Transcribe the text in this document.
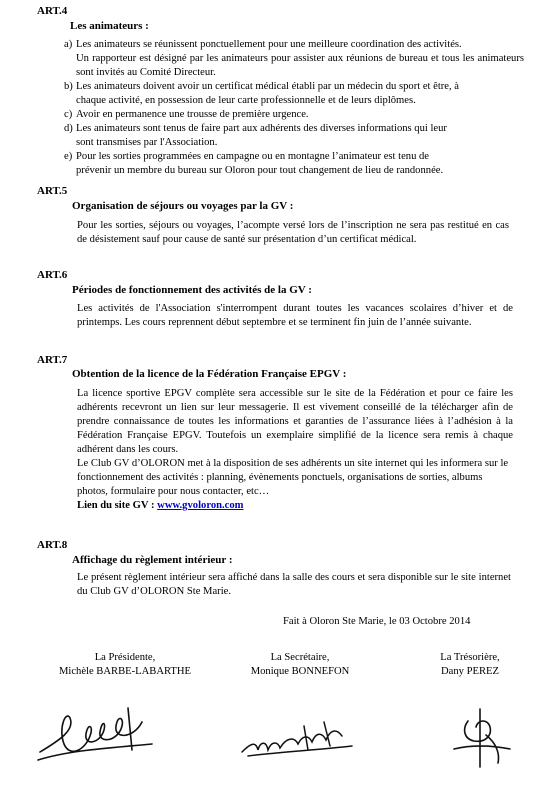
ART.4
Les animateurs :
a) Les animateurs se réunissent ponctuellement pour une meilleure coordination des activités.
Un rapporteur est désigné par les animateurs pour assister aux réunions de bureau et tous les animateurs sont invités au Comité Directeur.
b) Les animateurs doivent avoir un certificat médical établi par un médecin du sport et être, à
chaque activité, en possession de leur carte professionnelle et de leurs diplômes.
c) Avoir en permanence une trousse de première urgence.
d) Les animateurs sont tenus de faire part aux adhérents des diverses informations qui leur
sont transmises par l'Association.
e) Pour les sorties programmées en campagne ou en montagne l’animateur est tenu de
prévenir un membre du bureau sur Oloron pour tout changement de lieu de randonnée.
ART.5
Organisation de séjours ou voyages par la GV :
Pour les sorties, séjours ou voyages, l’acompte versé lors de l’inscription ne sera pas restitué en cas de désistement sauf pour cause de santé sur présentation d’un certificat médical.
ART.6
Périodes de fonctionnement des activités de la GV :
Les activités de l'Association s'interrompent durant toutes les vacances scolaires d’hiver et de printemps. Les cours reprennent début septembre et se terminent fin juin de l’année suivante.
ART.7
Obtention de la licence de la Fédération Française EPGV :
La licence sportive EPGV complète sera accessible sur le site de la Fédération et pour ce faire les adhérents recevront un lien sur leur messagerie. Il est vivement conseillé de la télécharger afin de prendre connaissance de toutes les informations et garanties de l’assurance liées à l’adhésion à la Fédération Française EPGV. Toutefois un exemplaire simplifié de la licence sera remis à chaque adhérent dans les cours.
Le Club GV d’OLORON met à la disposition de ses adhérents un site internet qui les informera sur le fonctionnement des activités : planning, évènements ponctuels, organisations de sorties, albums photos, formulaire pour nous contacter, etc…
Lien du site GV : www.gvoloron.com
ART.8
Affichage du règlement intérieur :
Le présent règlement intérieur sera affiché dans la salle des cours et sera disponible sur le site internet du Club GV d’OLORON Ste Marie.
Fait à Oloron Ste Marie, le 03 Octobre 2014
La Présidente,
Michèle BARBE-LABARTHE
La Secrétaire,
Monique BONNEFON
La Trésorière,
Dany PEREZ
